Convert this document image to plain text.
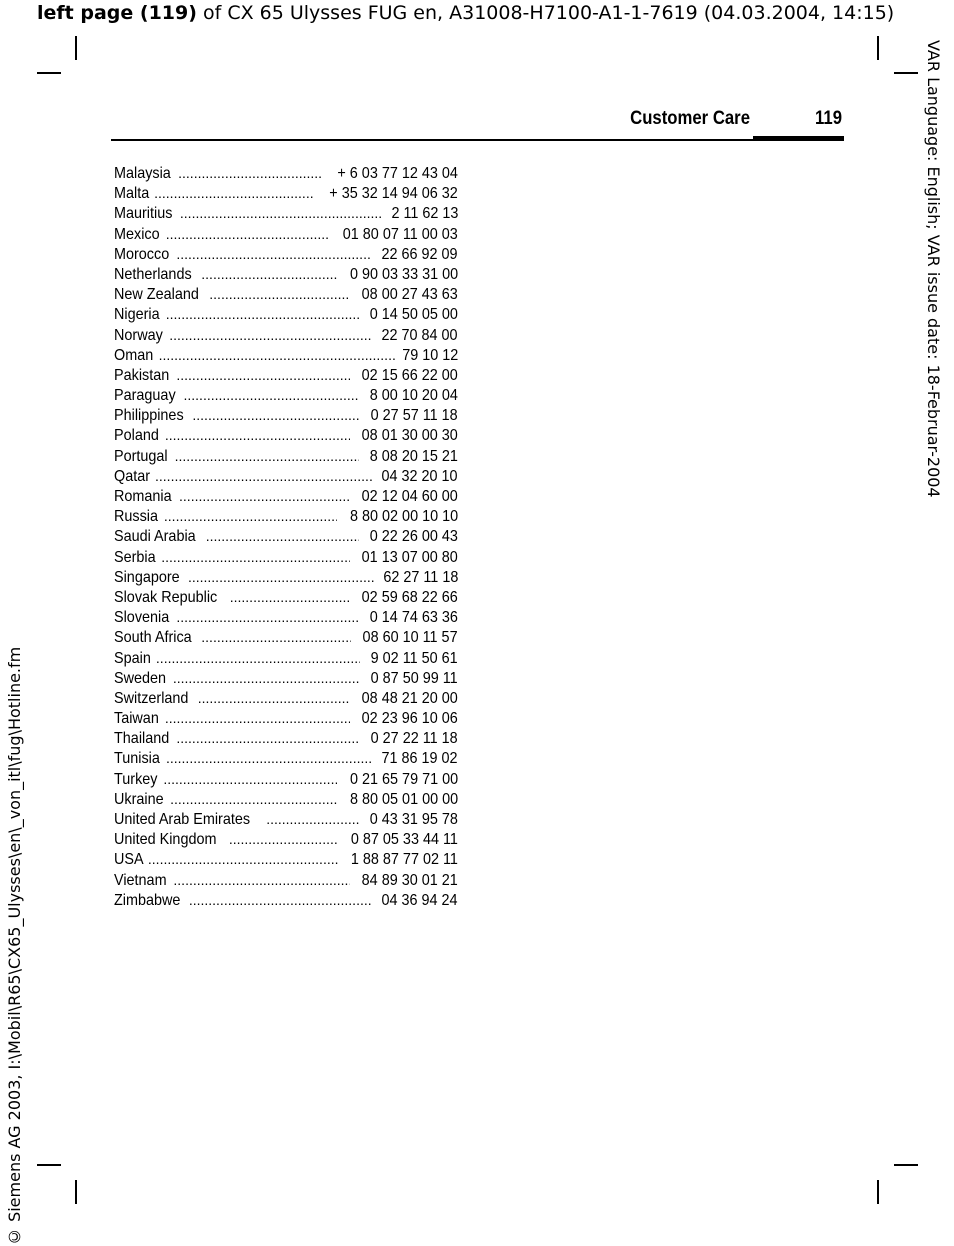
left page (119) of CX 65 Ulysses FUG en, A31008-H7100-A1-1-7619 (04.03.2004, 14:15)
VAR Language: English; VAR issue date: 18-Februar-2004
© Siemens AG 2003, I:\Mobil\R65\CX65_Ulysses\en\_von_itl\fug\Hotline.fm
Customer Care	119
Malaysia .....	+ 6 03 77 12 43 04
Malta .....	+ 35 32 14 94 06 32
Mauritius .....	2 11 62 13
Mexico .....	01 80 07 11 00 03
Morocco .....	22 66 92 09
Netherlands .....	0 90 03 33 31 00
New Zealand .....	08 00 27 43 63
Nigeria .....	0 14 50 05 00
Norway .....	22 70 84 00
Oman .....	79 10 12
Pakistan .....	02 15 66 22 00
Paraguay .....	8 00 10 20 04
Philippines .....	0 27 57 11 18
Poland .....	08 01 30 00 30
Portugal .....	8 08 20 15 21
Qatar .....	04 32 20 10
Romania .....	02 12 04 60 00
Russia .....	8 80 02 00 10 10
Saudi Arabia .....	0 22 26 00 43
Serbia .....	01 13 07 00 80
Singapore .....	62 27 11 18
Slovak Republic .....	02 59 68 22 66
Slovenia .....	0 14 74 63 36
South Africa .....	08 60 10 11 57
Spain .....	9 02 11 50 61
Sweden .....	0 87 50 99 11
Switzerland .....	08 48 21 20 00
Taiwan .....	02 23 96 10 06
Thailand .....	0 27 22 11 18
Tunisia .....	71 86 19 02
Turkey .....	0 21 65 79 71 00
Ukraine .....	8 80 05 01 00 00
United Arab Emirates .....	0 43 31 95 78
United Kingdom .....	0 87 05 33 44 11
USA .....	1 88 87 77 02 11
Vietnam .....	84 89 30 01 21
Zimbabwe .....	04 36 94 24
